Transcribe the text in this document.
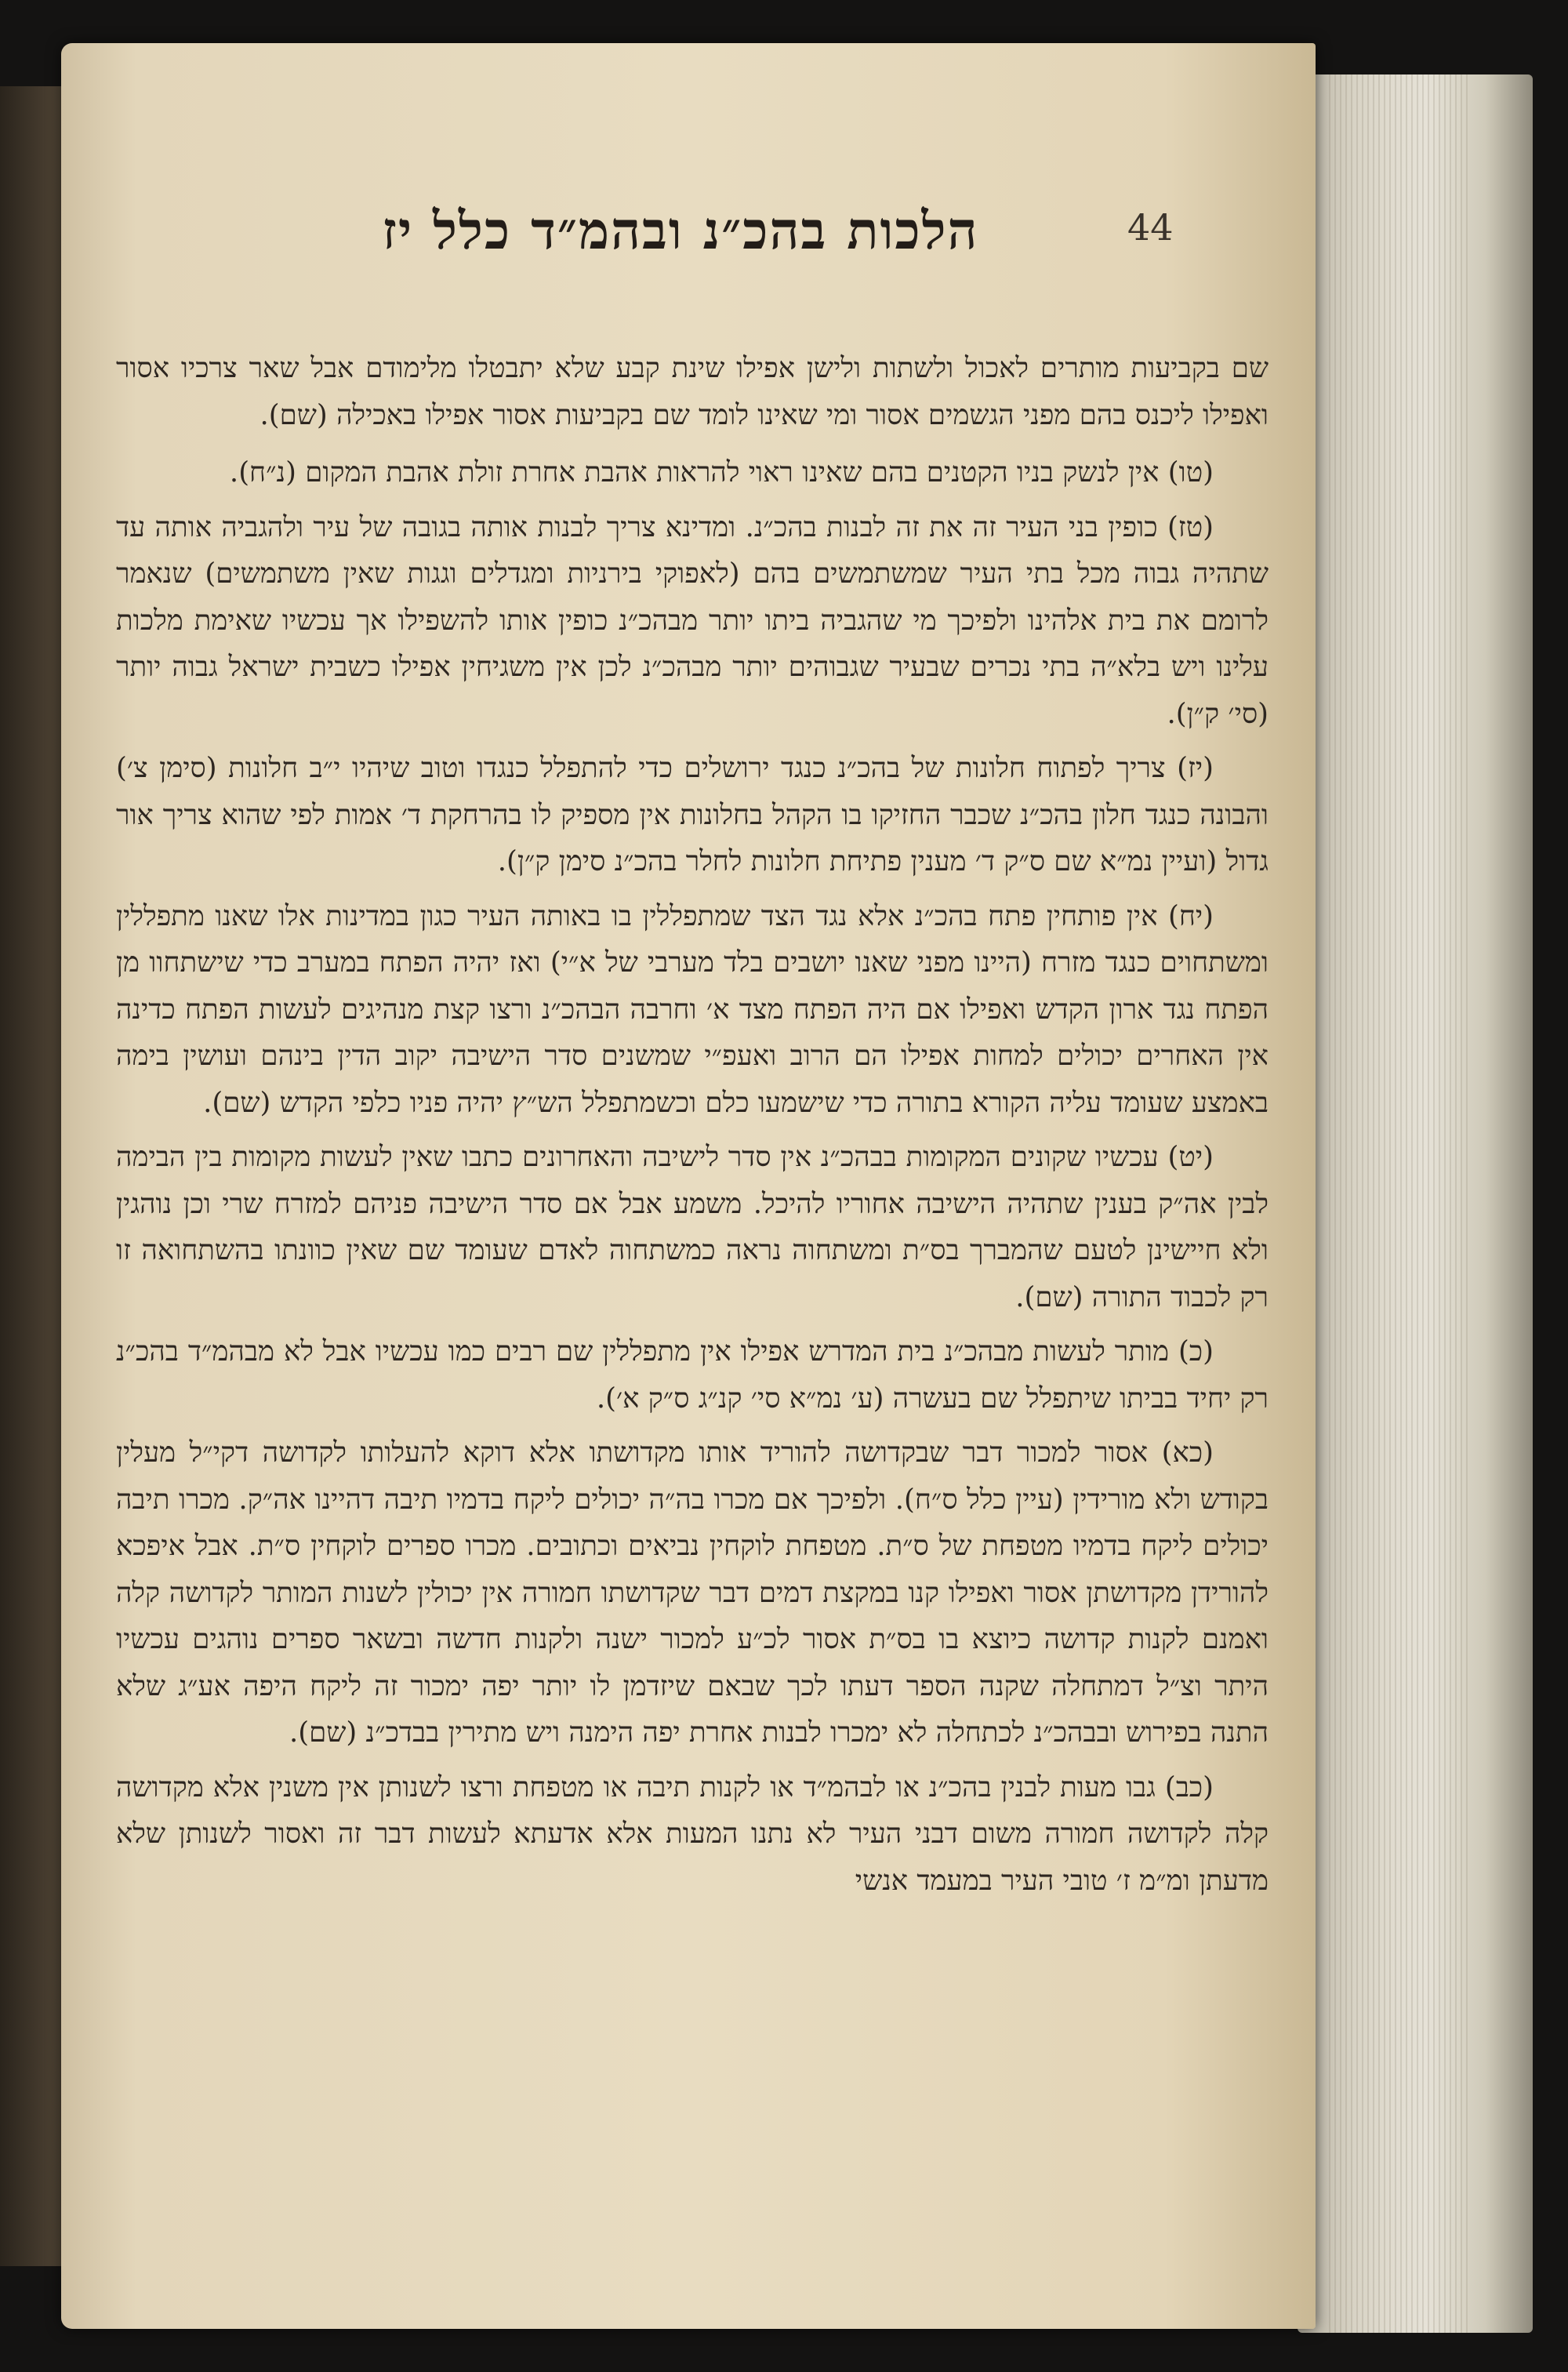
הלכות בהכ״נ ובהמ״ד כלל יז	44

שם בקביעות מותרים לאכול ולשתות ולישן אפילו שינת קבע שלא יתבטלו מלימודם אבל שאר צרכיו אסור ואפילו ליכנס בהם מפני הגשמים אסור ומי שאינו לומד שם בקביעות אסור אפילו באכילה (שם).

(טו) אין לנשק בניו הקטנים בהם שאינו ראוי להראות אהבת אחרת זולת אהבת המקום (נ״ח).

(טז) כופין בני העיר זה את זה לבנות בהכ״נ. ומדינא צריך לבנות אותה בגובה של עיר ולהגביה אותה עד שתהיה גבוה מכל בתי העיר שמשתמשים בהם (לאפוקי בירניות ומגדלים וגגות שאין משתמשים) שנאמר לרומם את בית אלהינו ולפיכך מי שהגביה ביתו יותר מבהכ״נ כופין אותו להשפילו אך עכשיו שאימת מלכות עלינו ויש בלא״ה בתי נכרים שבעיר שגבוהים יותר מבהכ״נ לכן אין משגיחין אפילו כשבית ישראל גבוה יותר (סי׳ ק״ן).

(יז) צריך לפתוח חלונות של בהכ״נ כנגד ירושלים כדי להתפלל כנגדו וטוב שיהיו י״ב חלונות (סימן צ׳) והבונה כנגד חלון בהכ״נ שכבר החזיקו בו הקהל בחלונות אין מספיק לו בהרחקת ד׳ אמות לפי שהוא צריך אור גדול (ועיין נמ״א שם ס״ק ד׳ מענין פתיחת חלונות לחלר בהכ״נ סימן ק״ן).

(יח) אין פותחין פתח בהכ״נ אלא נגד הצד שמתפללין בו באותה העיר כגון במדינות אלו שאנו מתפללין ומשתחוים כנגד מזרח (היינו מפני שאנו יושבים בלד מערבי של א״י) ואז יהיה הפתח במערב כדי שישתחוו מן הפתח נגד ארון הקדש ואפילו אם היה הפתח מצד א׳ וחרבה הבהכ״נ ורצו קצת מנהיגים לעשות הפתח כדינה אין האחרים יכולים למחות אפילו הם הרוב ואעפ״י שמשנים סדר הישיבה יקוב הדין בינהם ועושין בימה באמצע שעומד עליה הקורא בתורה כדי שישמעו כלם וכשמתפלל הש״ץ יהיה פניו כלפי הקדש (שם).

(יט) עכשיו שקונים המקומות בבהכ״נ אין סדר לישיבה והאחרונים כתבו שאין לעשות מקומות בין הבימה לבין אה״ק בענין שתהיה הישיבה אחוריו להיכל. משמע אבל אם סדר הישיבה פניהם למזרח שרי וכן נוהגין ולא חיישינן לטעם שהמברך בס״ת ומשתחוה נראה כמשתחוה לאדם שעומד שם שאין כוונתו בהשתחואה זו רק לכבוד התורה (שם).

(כ) מותר לעשות מבהכ״נ בית המדרש אפילו אין מתפללין שם רבים כמו עכשיו אבל לא מבהמ״ד בהכ״נ רק יחיד בביתו שיתפלל שם בעשרה (ע׳ נמ״א סי׳ קנ״ג ס״ק א׳).

(כא) אסור למכור דבר שבקדושה להוריד אותו מקדושתו אלא דוקא להעלותו לקדושה דקי״ל מעלין בקודש ולא מורידין (עיין כלל ס״ח). ולפיכך אם מכרו בה״ה יכולים ליקח בדמיו תיבה דהיינו אה״ק. מכרו תיבה יכולים ליקח בדמיו מטפחת של ס״ת. מטפחת לוקחין נביאים וכתובים. מכרו ספרים לוקחין ס״ת. אבל איפכא להורידן מקדושתן אסור ואפילו קנו במקצת דמים דבר שקדושתו חמורה אין יכולין לשנות המותר לקדושה קלה ואמנם לקנות קדושה כיוצא בו בס״ת אסור לכ״ע למכור ישנה ולקנות חדשה ובשאר ספרים נוהגים עכשיו היתר וצ״ל דמתחלה שקנה הספר דעתו לכך שבאם שיזדמן לו יותר יפה ימכור זה ליקח היפה אע״ג שלא התנה בפירוש ובבהכ״נ לכתחלה לא ימכרו לבנות אחרת יפה הימנה ויש מתירין בבדכ״נ (שם).

(כב) גבו מעות לבנין בהכ״נ או לבהמ״ד או לקנות תיבה או מטפחת ורצו לשנותן אין משנין אלא מקדושה קלה לקדושה חמורה משום דבני העיר לא נתנו המעות אלא אדעתא לעשות דבר זה ואסור לשנותן שלא מדעתן ומ״מ ז׳ טובי העיר במעמד אנשי
